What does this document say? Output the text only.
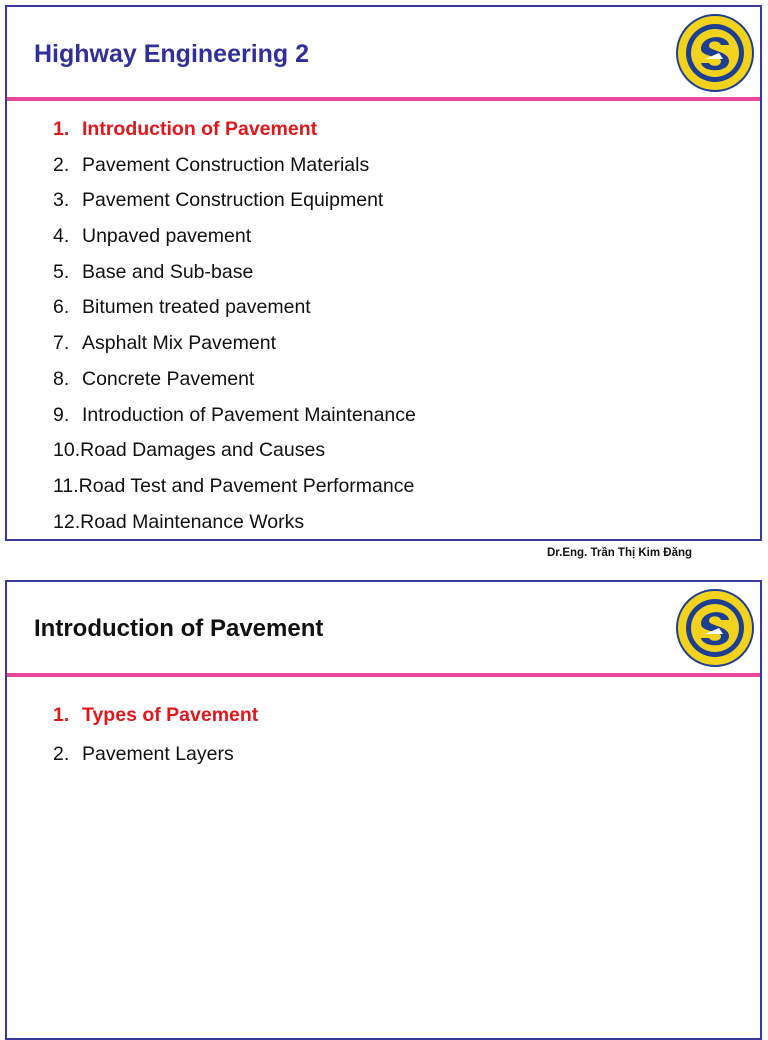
Highway Engineering 2
1. Introduction of Pavement
2. Pavement Construction Materials
3. Pavement Construction Equipment
4. Unpaved pavement
5. Base and Sub-base
6. Bitumen treated pavement
7. Asphalt Mix Pavement
8. Concrete Pavement
9. Introduction of Pavement Maintenance
10.Road Damages and Causes
11.Road Test and Pavement Performance
12.Road Maintenance Works
Dr.Eng. Trần Thị Kim Đăng
Introduction of Pavement
1. Types of Pavement
2. Pavement Layers
